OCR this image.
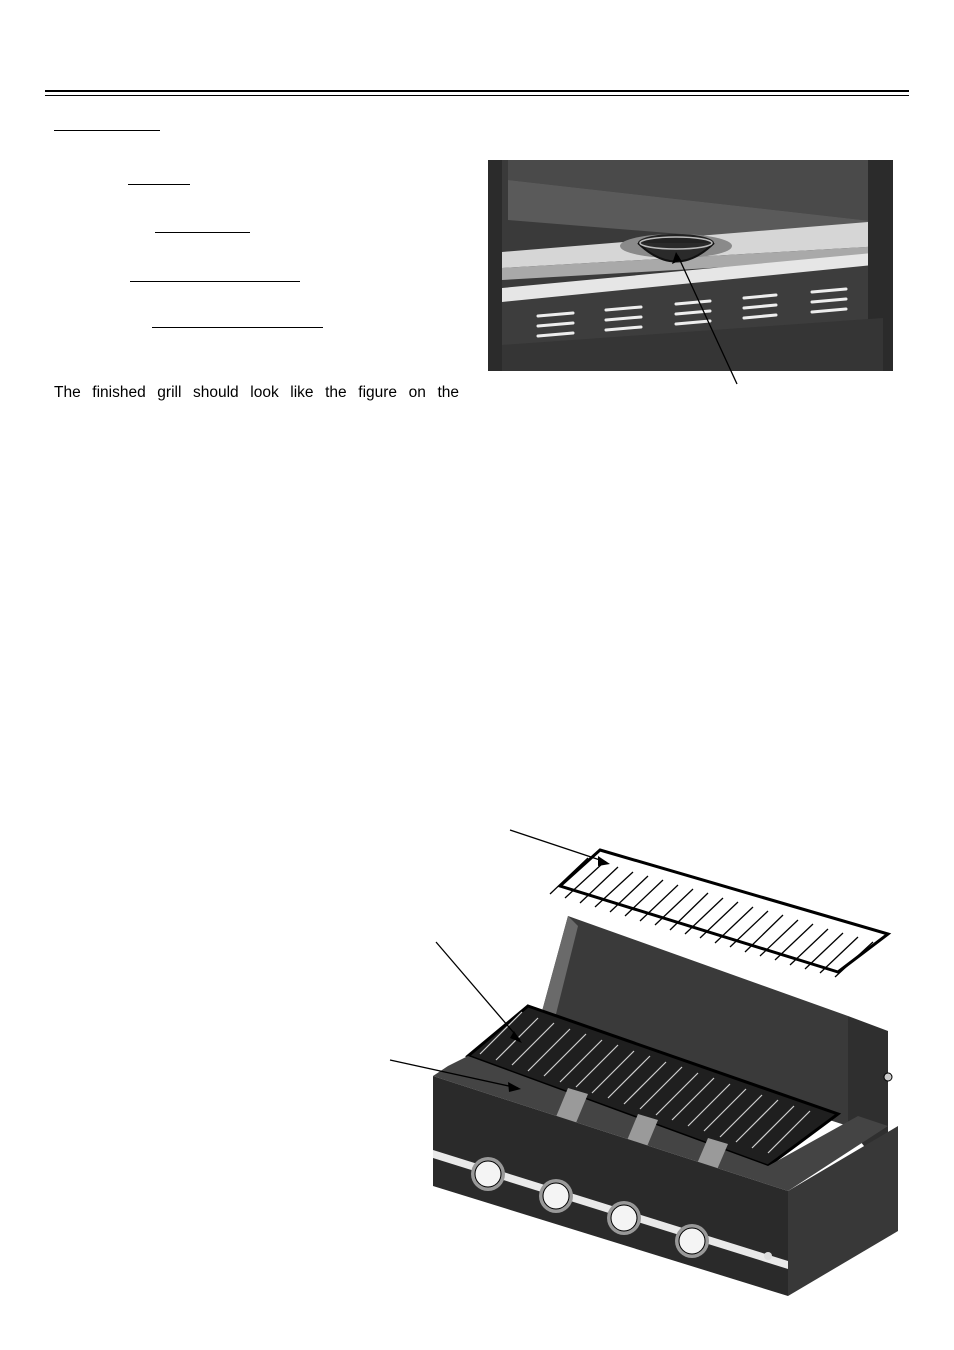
The finished grill should look like the figure on the
